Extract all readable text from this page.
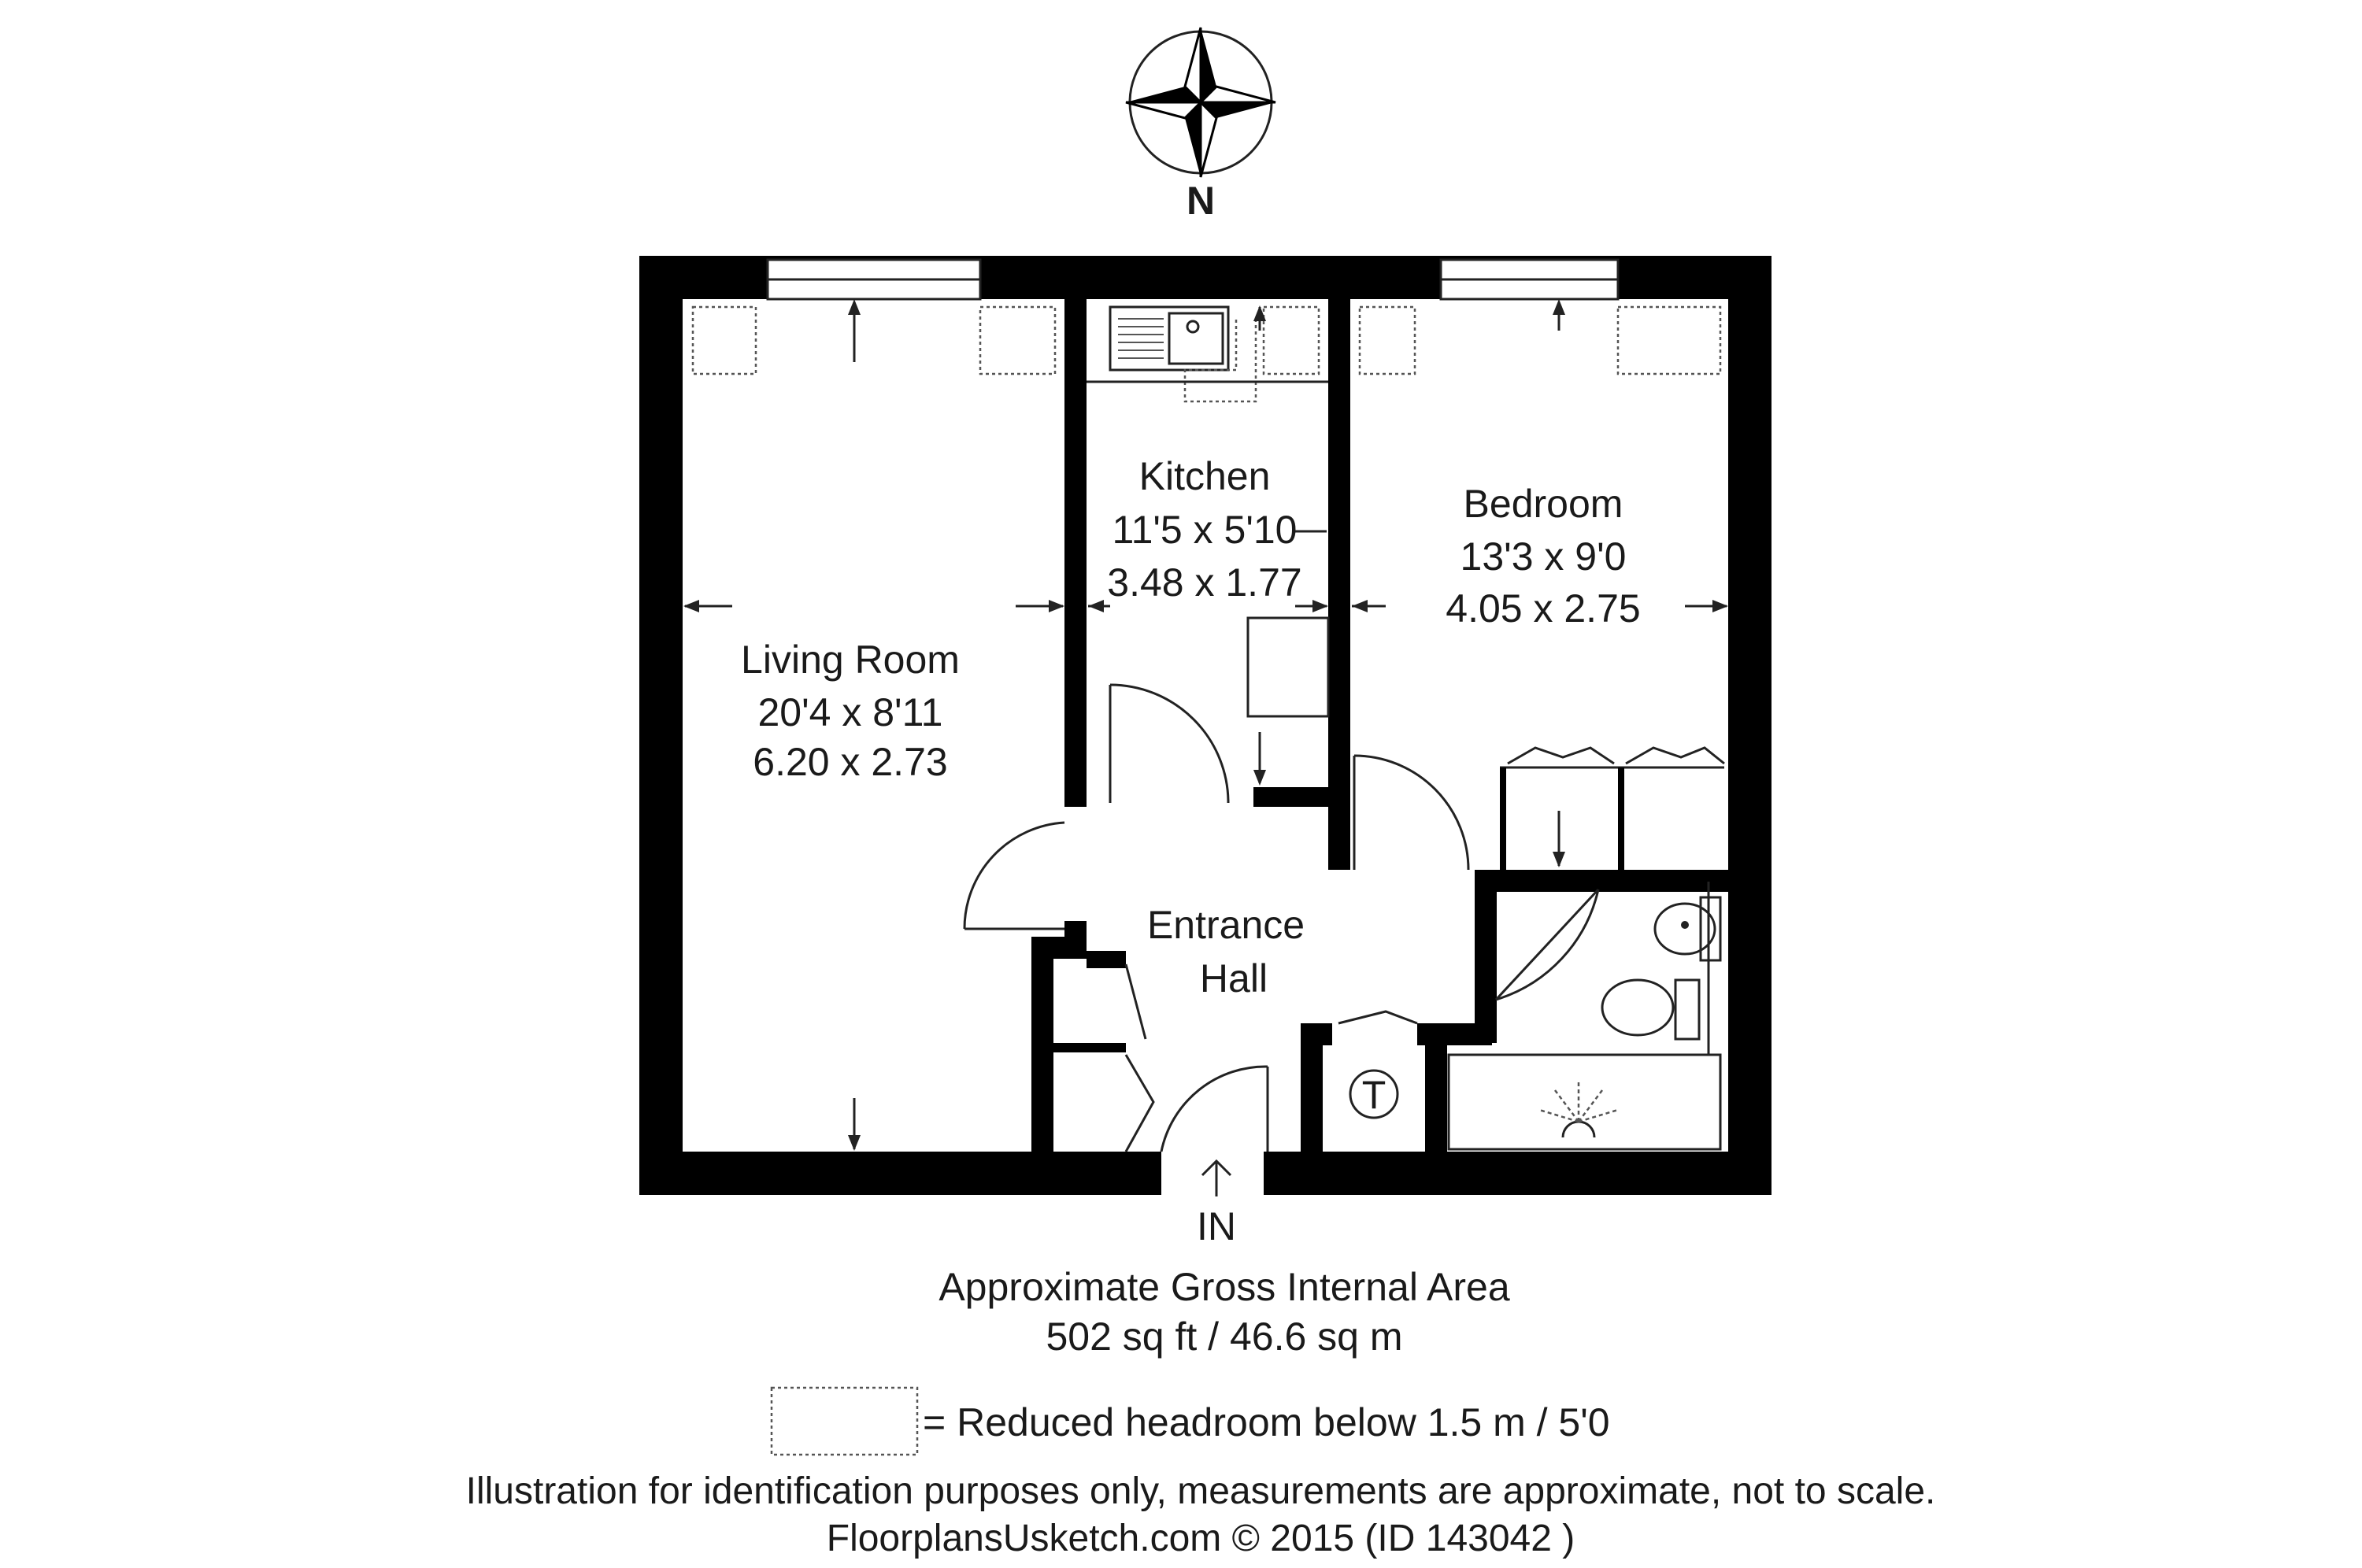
N
T
IN
Living Room
20'4 x 8'11
6.20 x 2.73
Kitchen
11'5 x 5'10
3.48 x 1.77
Bedroom
13'3 x 9'0
4.05 x 2.75
Entrance
Hall
Approximate Gross Internal Area
502 sq ft / 46.6 sq m
= Reduced headroom below 1.5 m / 5'0
Illustration for identification purposes only, measurements are approximate, not to scale.
FloorplansUsketch.com © 2015 (ID 143042 )
